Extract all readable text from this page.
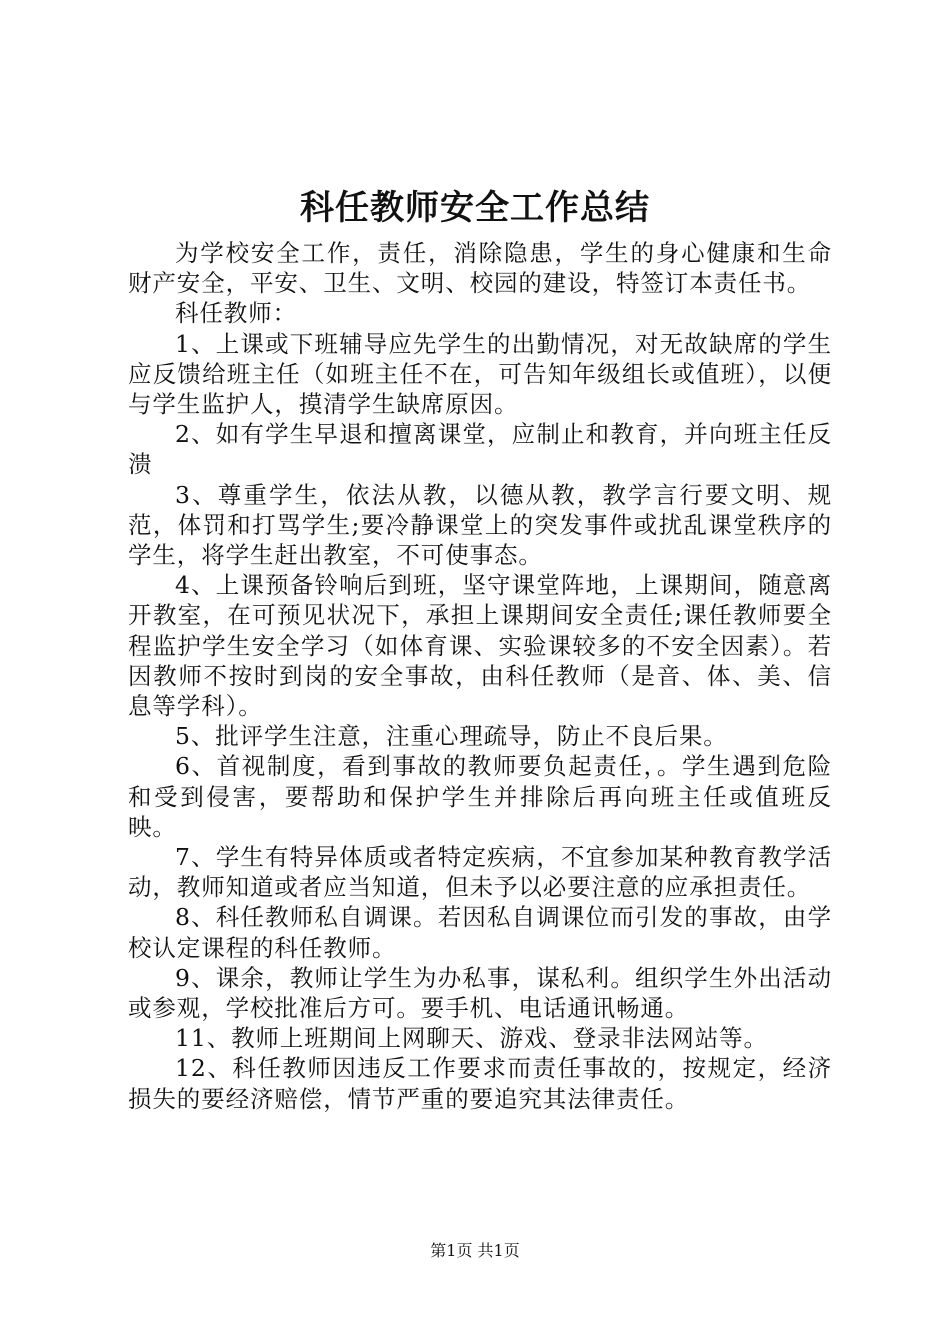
科任教师安全工作总结

为学校安全工作，责任，消除隐患，学生的身心健康和生命财产安全，平安、卫生、文明、校园的建设，特签订本责任书。

科任教师：

1、上课或下班辅导应先学生的出勤情况，对无故缺席的学生应反馈给班主任（如班主任不在，可告知年级组长或值班），以便与学生监护人，摸清学生缺席原因。

2、如有学生早退和擅离课堂，应制止和教育，并向班主任反溃

3、尊重学生，依法从教，以德从教，教学言行要文明、规范，体罚和打骂学生;要冷静课堂上的突发事件或扰乱课堂秩序的学生，将学生赶出教室，不可使事态。

4、上课预备铃响后到班，坚守课堂阵地，上课期间，随意离开教室，在可预见状况下，承担上课期间安全责任;课任教师要全程监护学生安全学习（如体育课、实验课较多的不安全因素）。若因教师不按时到岗的安全事故，由科任教师（是音、体、美、信息等学科）。

5、批评学生注意，注重心理疏导，防止不良后果。

6、首视制度，看到事故的教师要负起责任，。学生遇到危险和受到侵害，要帮助和保护学生并排除后再向班主任或值班反映。

7、学生有特异体质或者特定疾病，不宜参加某种教育教学活动，教师知道或者应当知道，但未予以必要注意的应承担责任。

8、科任教师私自调课。若因私自调课位而引发的事故，由学校认定课程的科任教师。

9、课余，教师让学生为办私事，谋私利。组织学生外出活动或参观，学校批准后方可。要手机、电话通讯畅通。

11、教师上班期间上网聊天、游戏、登录非法网站等。

12、科任教师因违反工作要求而责任事故的，按规定，经济损失的要经济赔偿，情节严重的要追究其法律责任。

第1页 共1页
